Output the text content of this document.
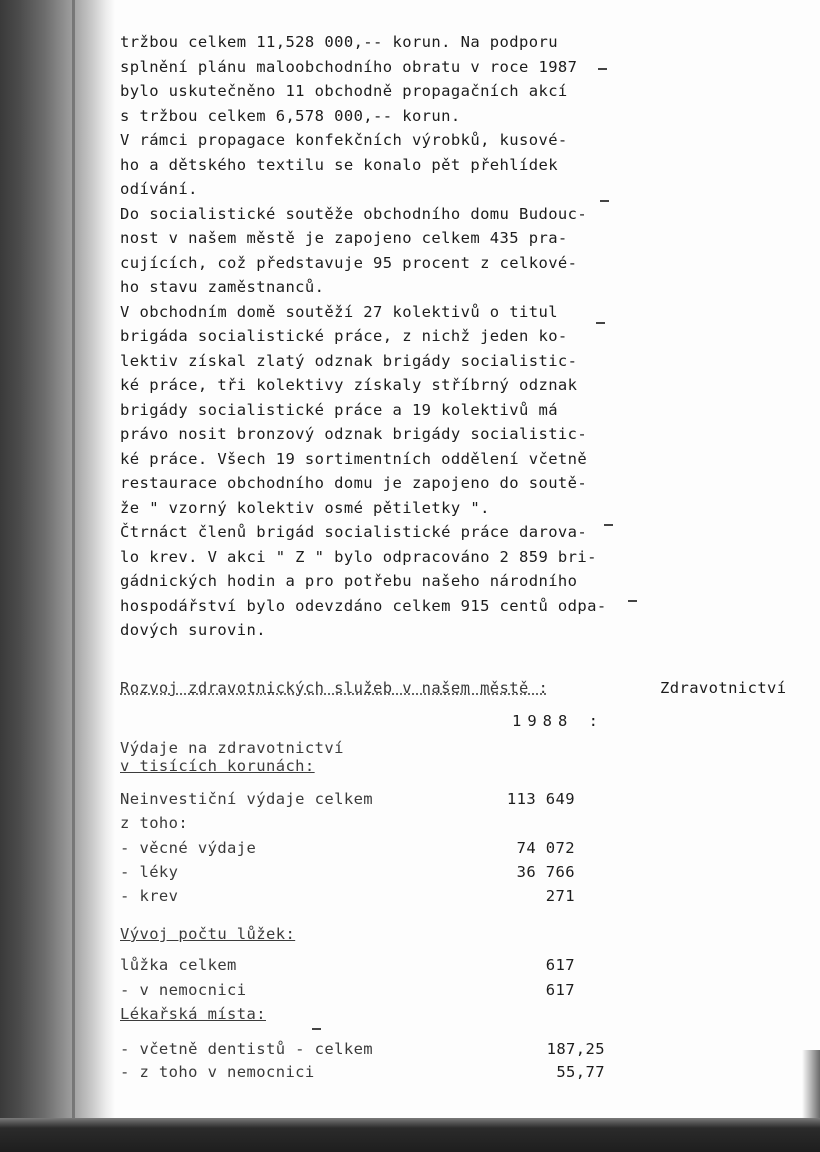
tržbou celkem 11,528 000,-- korun. Na podporu
splnění plánu maloobchodního obratu v roce 1987
bylo uskutečněno 11 obchodně propagačních akcí
s tržbou celkem 6,578 000,-- korun.
V rámci propagace konfekčních výrobků, kusové-
ho a dětského textilu se konalo pět přehlídek
odívání.
Do socialistické soutěže obchodního domu Budouc-
nost v našem městě je zapojeno celkem 435 pra-
cujících, což představuje 95 procent z celkové-
ho stavu zaměstnanců.
V obchodním domě soutěží 27 kolektivů o titul
brigáda socialistické práce, z nichž jeden ko-
lektiv získal zlatý odznak brigády socialistic-
ké práce, tři kolektivy získaly stříbrný odznak
brigády socialistické práce a 19 kolektivů má
právo nosit bronzový odznak brigády socialistic-
ké práce. Všech 19 sortimentních oddělení včetně
restaurace obchodního domu je zapojeno do soutě-
že " vzorný kolektiv osmé pětiletky ".
Čtrnáct členů brigád socialistické práce darova-
lo krev. V akci " Z " bylo odpracováno 2 859 bri-
gádnických hodin a pro potřebu našeho národního
hospodářství bylo odevzdáno celkem 915 centů odpa-
dových surovin.
Rozvoj zdravotnických služeb v našem městě :	Zdravotnictví
1988 :
Výdaje na zdravotnictví
v tisících korunách:
Neinvestiční výdaje celkem	113 649
z toho:
- věcné výdaje	74 072
- léky	36 766
- krev	271
Vývoj počtu lůžek:
lůžka celkem	617
- v nemocnici	617
Lékařská místa:
- včetně dentistů - celkem	187,25
- z toho v nemocnici	55,77
